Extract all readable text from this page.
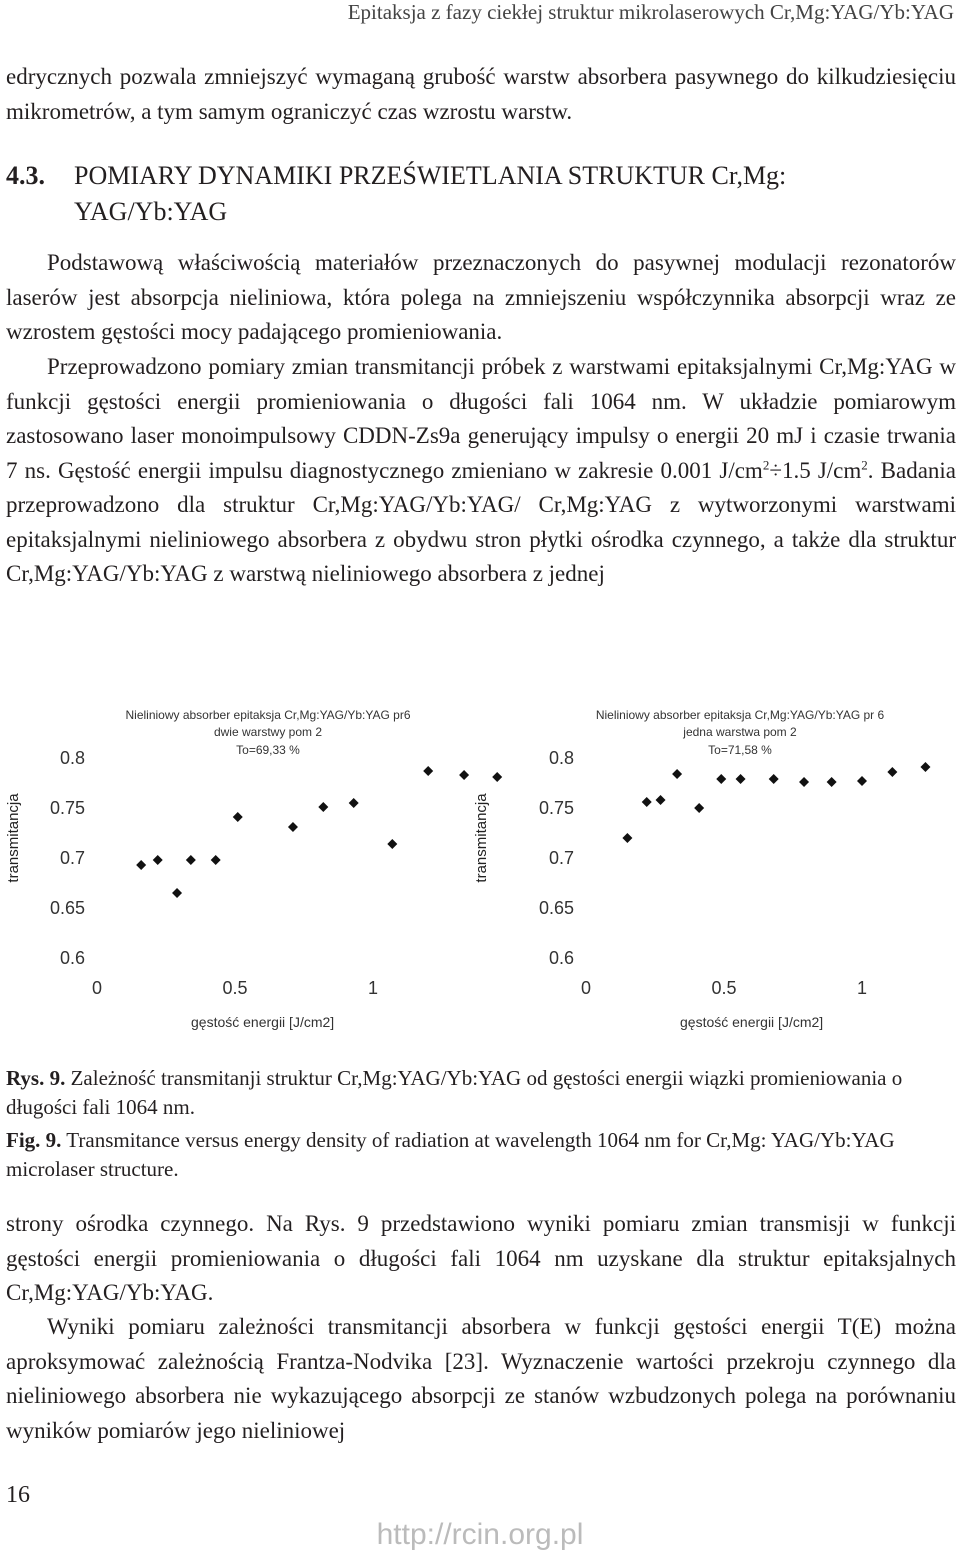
Epitaksja z fazy ciekłej struktur mikrolaserowych Cr,Mg:YAG/Yb:YAG

edrycznych pozwala zmniejszyć wymaganą grubość warstw absorbera pasywnego do kilkudziesięciu mikrometrów, a tym samym ograniczyć czas wzrostu warstw.

4.3. POMIARY DYNAMIKI PRZEŚWIETLANIA STRUKTUR Cr,Mg:
YAG/Yb:YAG

Podstawową właściwością materiałów przeznaczonych do pasywnej modulacji rezonatorów laserów jest absorpcja nieliniowa, która polega na zmniejszeniu współczynnika absorpcji wraz ze wzrostem gęstości mocy padającego promieniowania.

Przeprowadzono pomiary zmian transmitancji próbek z warstwami epitaksjalnymi Cr,Mg:YAG w funkcji gęstości energii promieniowania o długości fali 1064 nm. W układzie pomiarowym zastosowano laser monoimpulsowy CDDN-Zs9a generujący impulsy o energii 20 mJ i czasie trwania 7 ns. Gęstość energii impulsu diagnostycznego zmieniano w zakresie 0.001 $J/cm^2\div 1.5$ $J/cm^2$. Badania przeprowadzono dla struktur Cr,Mg:YAG/Yb:YAG/ Cr,Mg:YAG z wytworzonymi warstwami epitaksjalnymi nieliniowego absorbera z obydwu stron płytki ośrodka czynnego, a także dla struktur Cr,Mg:YAG/Yb:YAG z warstwą nieliniowego absorbera z jednej

Nieliniowy absorber epitaksja Cr,Mg:YAG/Yb:YAG pr6
dwie warstwy pom 2
To=69,33 %
transmitancja
0.8
0.75
0.7
0.65
0.6
0	0.5	1
gęstość energii [J/cm2]
Nieliniowy absorber epitaksja Cr,Mg:YAG/Yb:YAG pr 6
jedna warstwa pom 2
To=71,58 %
transmitancja
0.8
0.75
0.7
0.65
0.6
0	0.5	1
gęstość energii [J/cm2]

Rys. 9. Zależność transmitanji struktur Cr,Mg:YAG/Yb:YAG od gęstości energii wiązki promieniowania o długości fali 1064 nm.

Fig. 9. Transmitance versus energy density of radiation at wavelength 1064 nm for Cr,Mg: YAG/Yb:YAG microlaser structure.

strony ośrodka czynnego. Na Rys. 9 przedstawiono wyniki pomiaru zmian transmisji w funkcji gęstości energii promieniowania o długości fali 1064 nm uzyskane dla struktur epitaksjalnych Cr,Mg:YAG/Yb:YAG.

Wyniki pomiaru zależności transmitancji absorbera w funkcji gęstości energii T(E) można aproksymować zależnością Frantza-Nodvika [23]. Wyznaczenie wartości przekroju czynnego dla nieliniowego absorbera nie wykazującego absorpcji ze stanów wzbudzonych polega na porównaniu wyników pomiarów jego nieliniowej

16
http://rcin.org.pl
